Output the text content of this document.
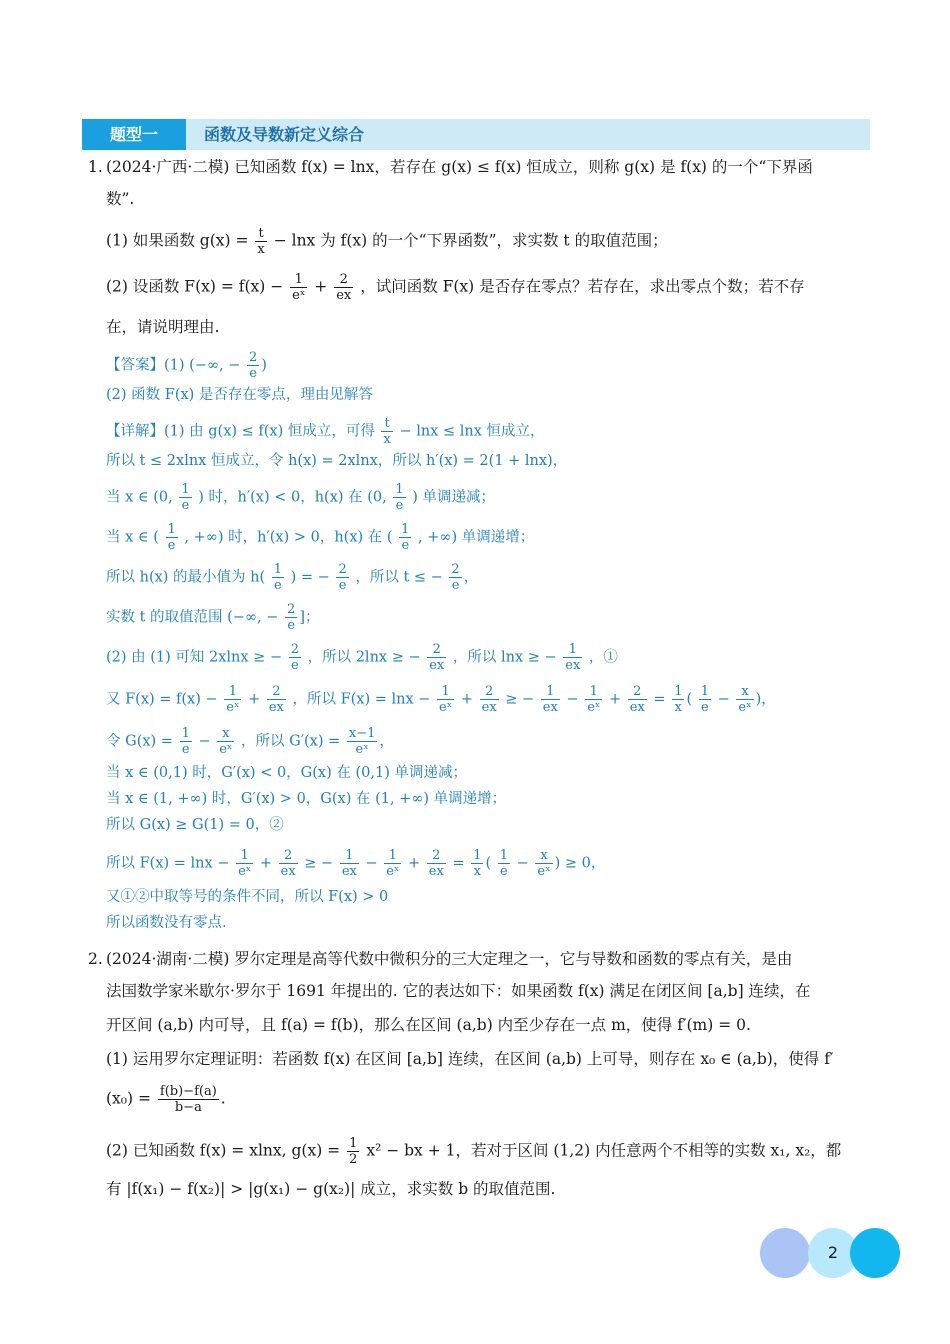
题型一	函数及导数新定义综合
1. (2024·广西·二模) 已知函数 f(x) = lnx，若存在 g(x) ≤ f(x) 恒成立，则称 g(x) 是 f(x) 的一个“下界函
数”.
(1) 如果函数 $g(x) = \frac{t}{x} - \ln x$ 为 f(x) 的一个“下界函数”，求实数 t 的取值范围；
(2) 设函数 $F(x) = f(x) - \frac{1}{\text{eˣ}} + \frac{2}{ex}$ ，试问函数 F(x) 是否存在零点？若存在，求出零点个数；若不存
在，请说明理由.
【答案】(1) (−∞, − $\frac{2}{e}$ )
(2) 函数 F(x) 是否存在零点，理由见解答
【详解】(1) 由 g(x) ≤ f(x) 恒成立，可得 $\frac{t}{x} - \ln x \le \ln x$ 恒成立，
所以 t ≤ 2xlnx 恒成立，令 h(x) = 2xlnx，所以 h′(x) = 2(1 + lnx)，
当 x ∈ (0, $\frac{1}{e}$ ) 时，h′(x) < 0，h(x) 在 (0, $\frac{1}{e}$ ) 单调递减；
当 x ∈ ( $\frac{1}{e}$ , +∞) 时，h′(x) > 0，h(x) 在 ( $\frac{1}{e}$ , +∞) 单调递增；
所以 h(x) 的最小值为 $h( \frac{1}{e}$ ) = − $\frac{2}{e}$ ，所以 t ≤ − $\frac{2}{e}$ ，
实数 t 的取值范围 (−∞, − $\frac{2}{e}$ ]；
(2) 由 (1) 可知 2xlnx ≥ − $\frac{2}{e}$ ，所以 2lnx ≥ − $\frac{2}{ex}$ ，所以 lnx ≥ − $\frac{1}{ex}$ ，①
又 $F(x) = f(x) - \frac{1}{\text{eˣ}} + \frac{2}{ex}$ ，所以 $F(x) = \ln x - \frac{1}{\text{eˣ}} + \frac{2}{ex}$ ≥ − $\frac{1}{ex} - \frac{1}{\text{eˣ}} + \frac{2}{ex} = \frac{1}{x}$ ( $\frac{1}{e} - \frac{x}{\text{eˣ}}$ )，
令 $G(x) = \frac{1}{e} - \frac{x}{\text{eˣ}}$ ，所以 $G'(x) = \frac{x-1}{\text{eˣ}}$ ，
当 x ∈ (0,1) 时，G′(x) < 0，G(x) 在 (0,1) 单调递减；
当 x ∈ (1, +∞) 时，G′(x) > 0，G(x) 在 (1, +∞) 单调递增；
所以 G(x) ≥ G(1) = 0，②
所以 $F(x) = \ln x - \frac{1}{\text{eˣ}} + \frac{2}{ex}$ ≥ − $\frac{1}{ex} - \frac{1}{\text{eˣ}} + \frac{2}{ex} = \frac{1}{x}$ ( $\frac{1}{e} - \frac{x}{\text{eˣ}}$ ) ≥ 0，
又①②中取等号的条件不同，所以 F(x) > 0
所以函数没有零点.
2. (2024·湖南·二模) 罗尔定理是高等代数中微积分的三大定理之一，它与导数和函数的零点有关，是由
法国数学家米歇尔·罗尔于 1691 年提出的. 它的表达如下：如果函数 f(x) 满足在闭区间 [a,b] 连续，在
开区间 (a,b) 内可导，且 f(a) = f(b)，那么在区间 (a,b) 内至少存在一点 m，使得 f′(m) = 0.
(1) 运用罗尔定理证明：若函数 f(x) 在区间 [a,b] 连续，在区间 (a,b) 上可导，则存在 x₀ ∈ (a,b)，使得 f′
$(x_0) = \frac{f(b)-f(a)}{b-a}$ .
(2) 已知函数 f(x) = xlnx, $g(x) = \frac{1}{2} x^2$ − bx + 1，若对于区间 (1,2) 内任意两个不相等的实数 x₁, x₂，都
有 |f(x₁) − f(x₂)| > |g(x₁) − g(x₂)| 成立，求实数 b 的取值范围.
2
